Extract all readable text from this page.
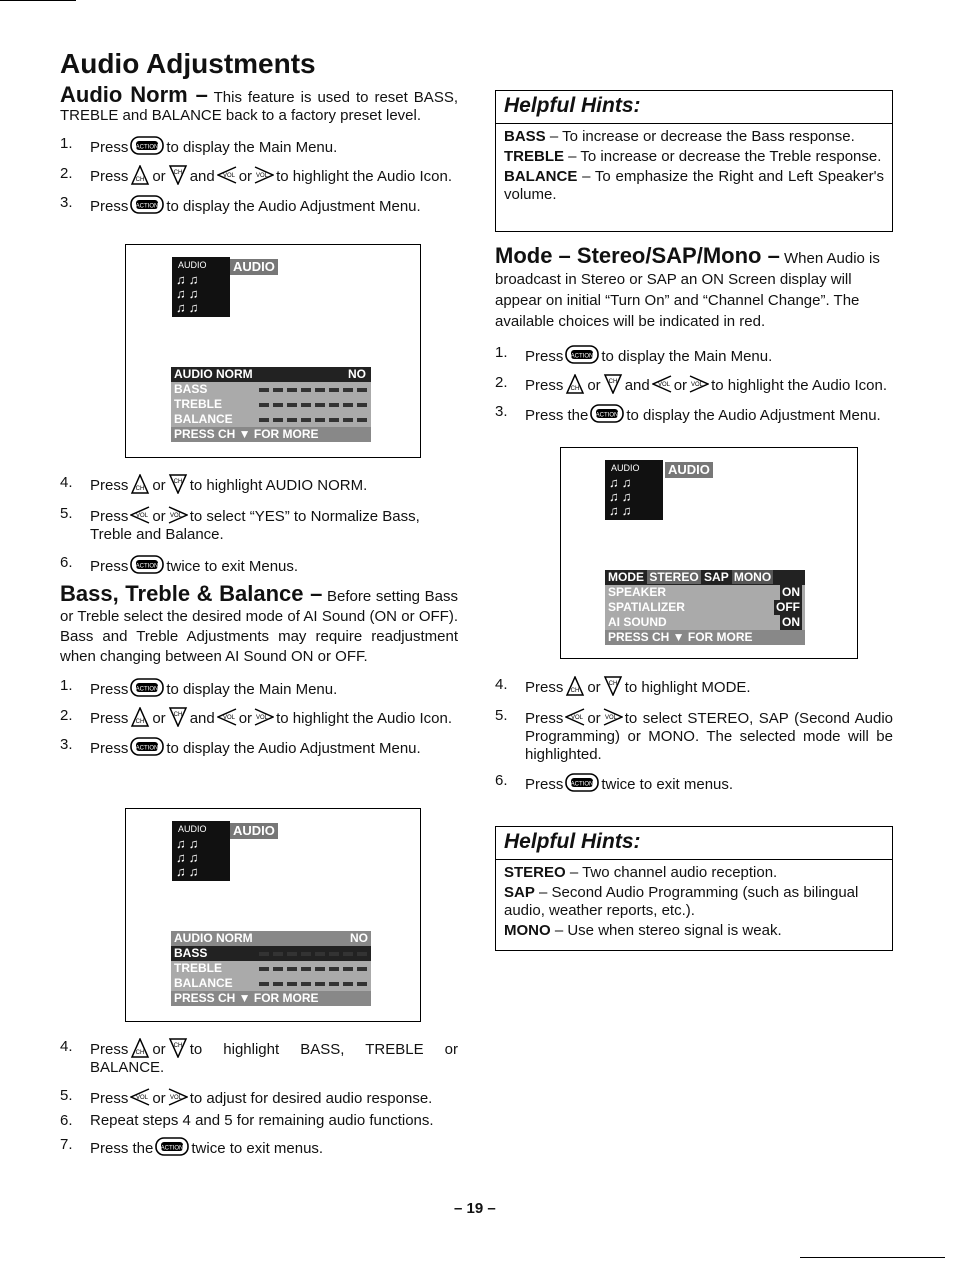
Audio Adjustments

Audio Norm – This feature is used to reset BASS, TREBLE and BALANCE back to a factory preset level.

1. Press	to display the Main Menu.
2. Press or and or to highlight the Audio Icon.
3. Press	to display the Audio Adjustment Menu.
AUDIO
♫♫
♫♫
♫♫
AUDIO
AUDIO NORM	NO
BASS
TREBLE
BALANCE
PRESS CH ▼ FOR MORE
4. Press or to highlight AUDIO NORM.
5. Press or to select “YES” to Normalize Bass, Treble and Balance.
6. Press	twice to exit Menus.

Bass, Treble & Balance – Before setting Bass or Treble select the desired mode of AI Sound (ON or OFF). Bass and Treble Adjustments may require readjustment when changing between AI Sound ON or OFF.

1. Press	to display the Main Menu.
2. Press or and or to highlight the Audio Icon.
3. Press	to display the Audio Adjustment Menu.
AUDIO
♫♫
♫♫
♫♫
AUDIO
AUDIO NORM	NO
BASS
TREBLE
BALANCE
PRESS CH ▼ FOR MORE
4. Press or to highlight BASS, TREBLE or BALANCE.
5. Press or to adjust for desired audio response.
6. Repeat steps 4 and 5 for remaining audio functions.
7. Press the	twice to exit menus.
Helpful Hints:

BASS – To increase or decrease the Bass response.

TREBLE – To increase or decrease the Treble response.

BALANCE – To emphasize the Right and Left Speaker's volume.

Mode – Stereo/SAP/Mono – When Audio is broadcast in Stereo or SAP an ON Screen display will appear on initial “Turn On” and “Channel Change”. The available choices will be indicated in red.

1. Press	to display the Main Menu.
2. Press or and or to highlight the Audio Icon.
3. Press the	to display the Audio Adjustment Menu.
AUDIO
♫♫
♫♫
♫♫
AUDIO
MODE STEREO SAP MONO
SPEAKER	ON
SPATIALIZER	OFF
AI SOUND	ON
PRESS CH ▼ FOR MORE
4. Press or to highlight MODE.
5. Press or to select STEREO, SAP (Second Audio Programming) or MONO. The selected mode will be highlighted.
6. Press	twice to exit menus.
Helpful Hints:

STEREO – Two channel audio reception.

SAP – Second Audio Programming (such as bilingual audio, weather reports, etc.).

MONO – Use when stereo signal is weak.

– 19 –
